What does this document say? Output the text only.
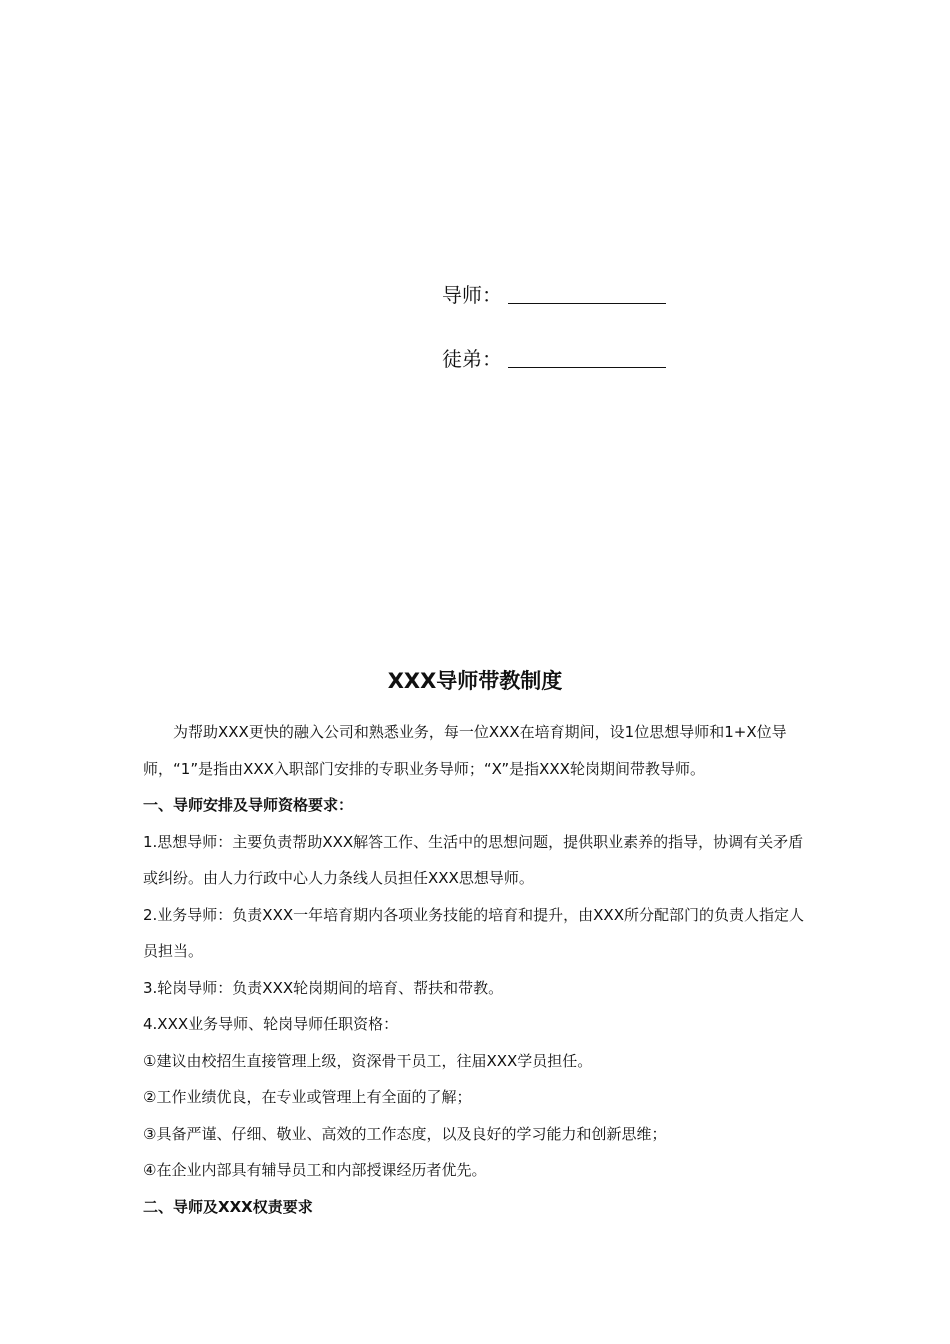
导师：
徒弟：
XXX导师带教制度

为帮助XXX更快的融入公司和熟悉业务，每一位XXX在培育期间，设1位思想导师和1+X位导师，“1”是指由XXX入职部门安排的专职业务导师；“X”是指XXX轮岗期间带教导师。

一、导师安排及导师资格要求：

1.思想导师：主要负责帮助XXX解答工作、生活中的思想问题，提供职业素养的指导，协调有关矛盾或纠纷。由人力行政中心人力条线人员担任XXX思想导师。

2.业务导师：负责XXX一年培育期内各项业务技能的培育和提升，由XXX所分配部门的负责人指定人员担当。

3.轮岗导师：负责XXX轮岗期间的培育、帮扶和带教。

4.XXX业务导师、轮岗导师任职资格：

①建议由校招生直接管理上级，资深骨干员工，往届XXX学员担任。

②工作业绩优良，在专业或管理上有全面的了解；

③具备严谨、仔细、敬业、高效的工作态度，以及良好的学习能力和创新思维；

④在企业内部具有辅导员工和内部授课经历者优先。

二、导师及XXX权责要求
